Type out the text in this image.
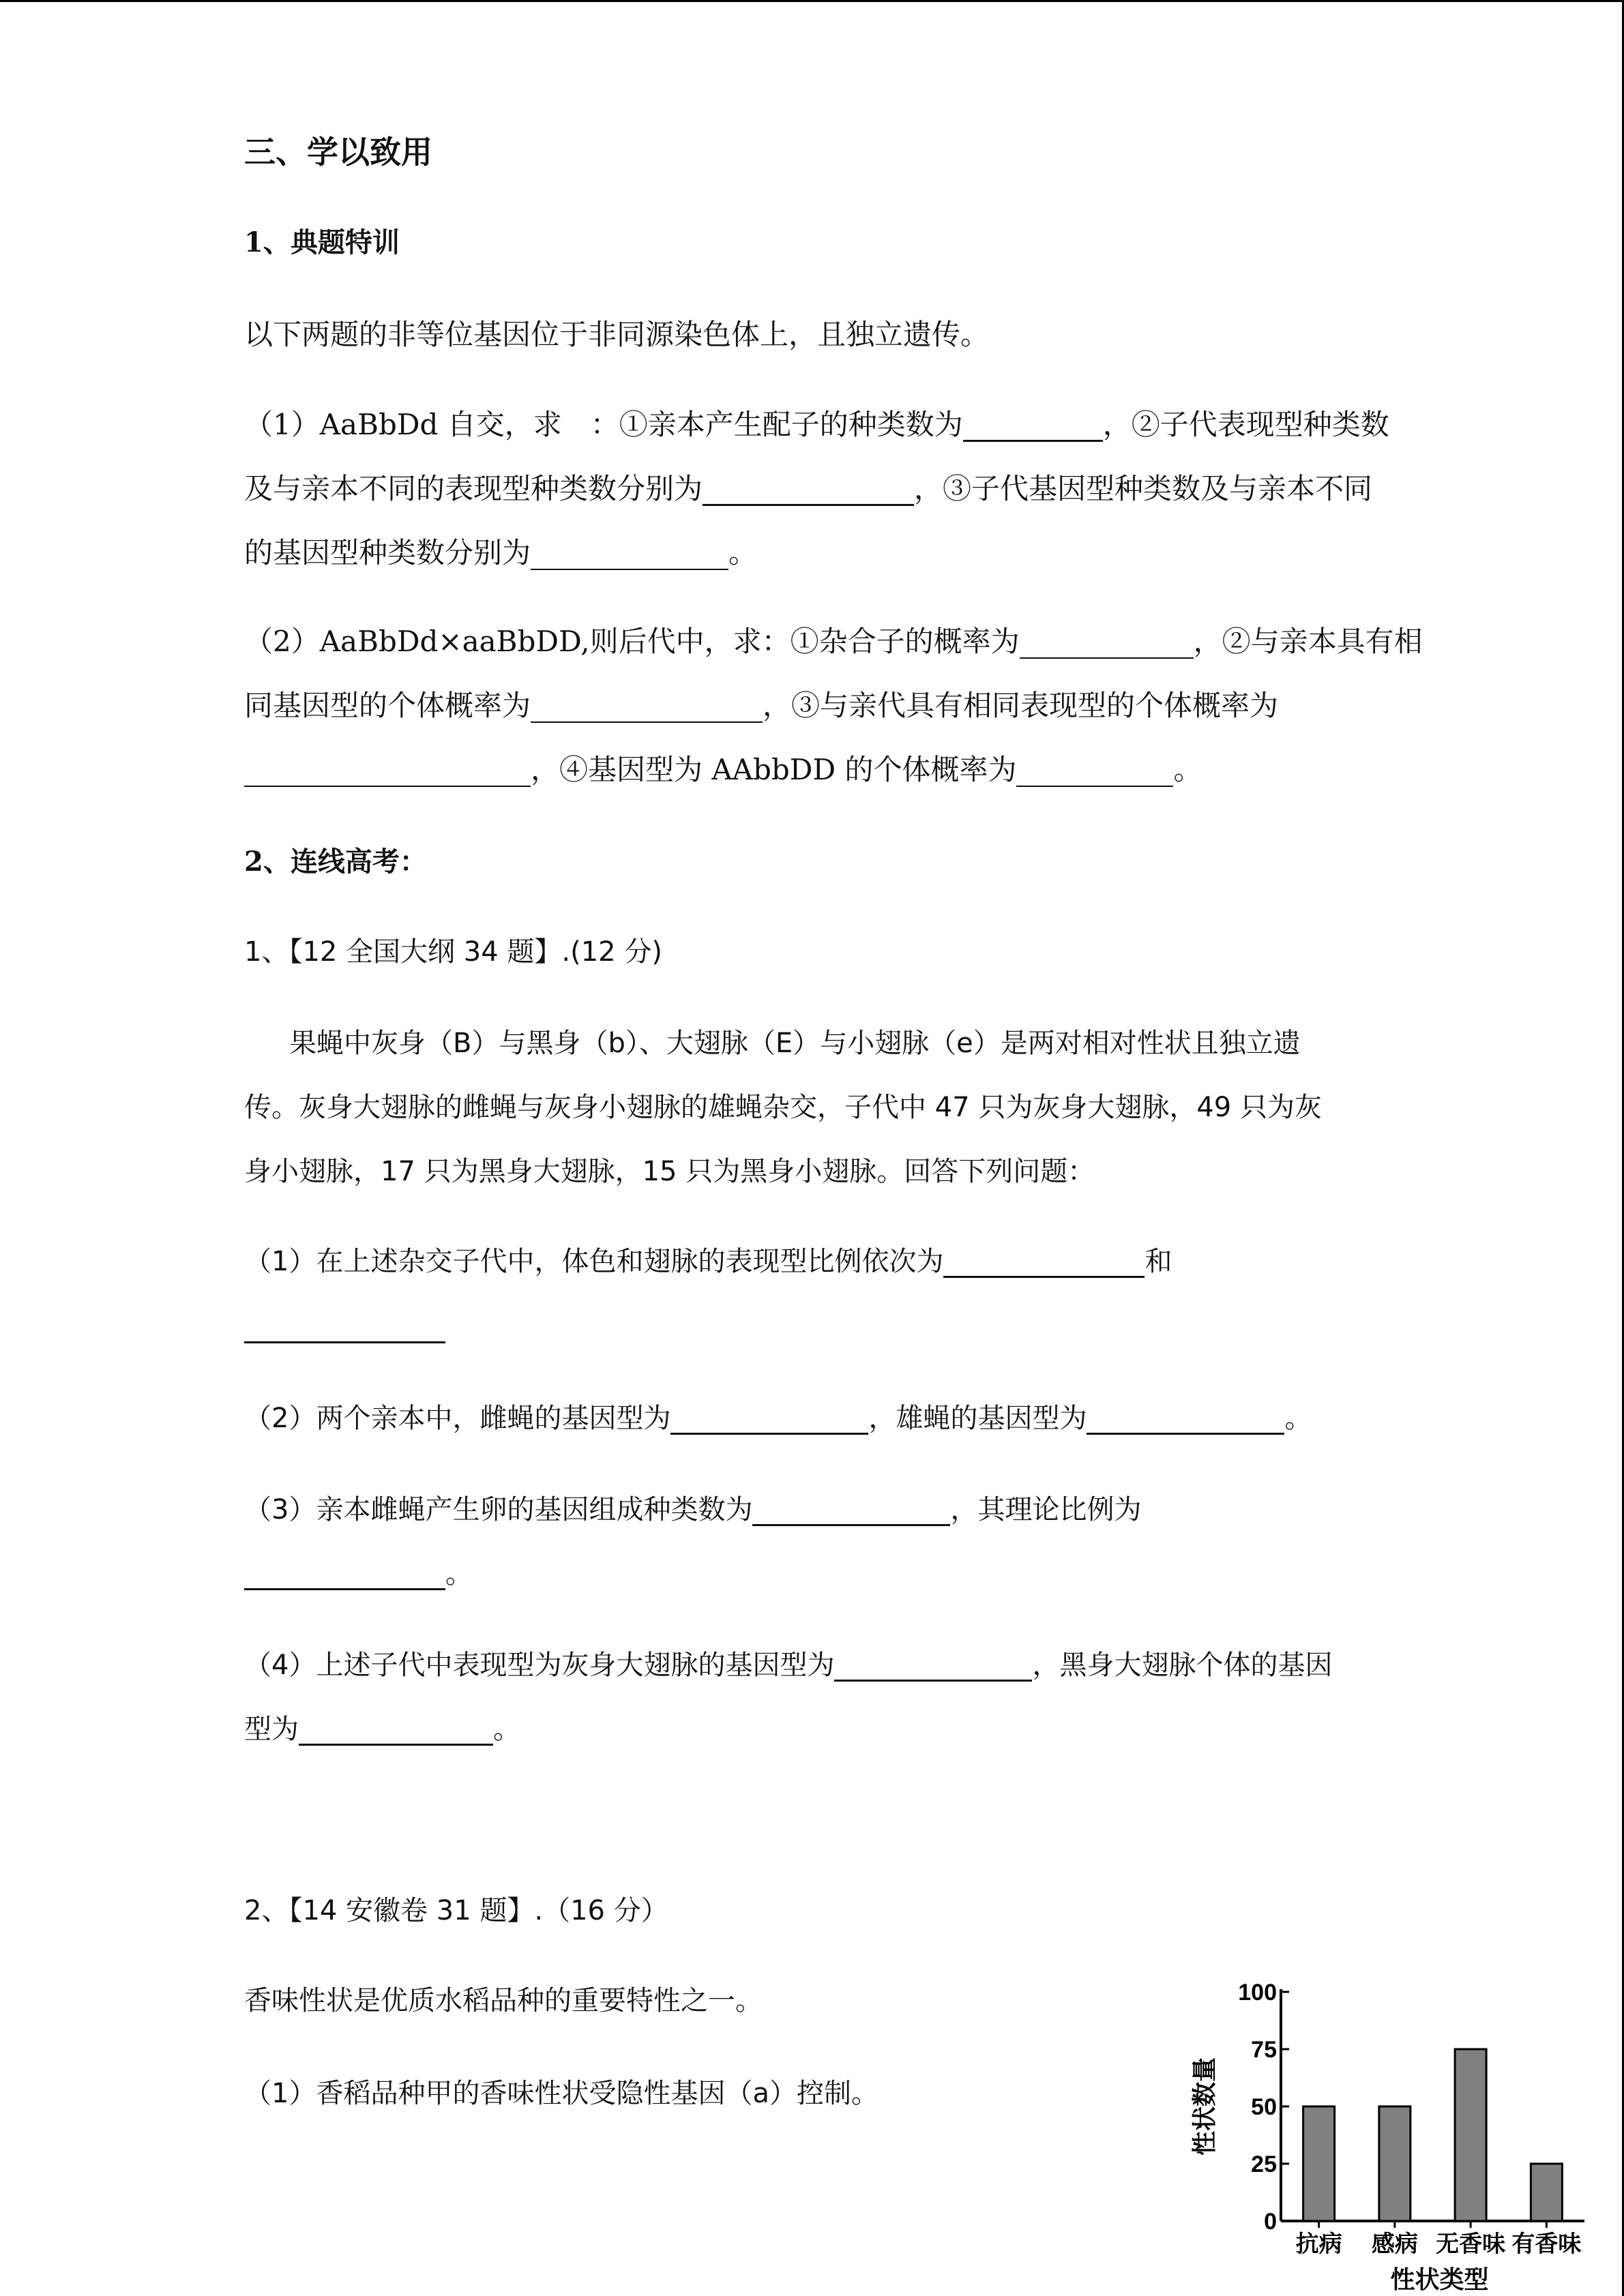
三、学以致用
1、典题特训
以下两题的非等位基因位于非同源染色体上，且独立遗传。
（1）AaBbDd 自交，求　：①亲本产生配子的种类数为	，②子代表现型种类数
及与亲本不同的表现型种类数分别为	，③子代基因型种类数及与亲本不同
的基因型种类数分别为	。
（2）AaBbDd×aaBbDD,则后代中，求：①杂合子的概率为	，②与亲本具有相
同基因型的个体概率为	，③与亲代具有相同表现型的个体概率为
，④基因型为 AAbbDD 的个体概率为	。
2、连线高考：
1、【12 全国大纲 34 题】.(12 分)
果蝇中灰身（B）与黑身（b）、大翅脉（E）与小翅脉（e）是两对相对性状且独立遗
传。灰身大翅脉的雌蝇与灰身小翅脉的雄蝇杂交，子代中 47 只为灰身大翅脉，49 只为灰
身小翅脉，17 只为黑身大翅脉，15 只为黑身小翅脉。回答下列问题：
（1）在上述杂交子代中，体色和翅脉的表现型比例依次为	和
（2）两个亲本中，雌蝇的基因型为	，雄蝇的基因型为	。
（3）亲本雌蝇产生卵的基因组成种类数为	，其理论比例为
。
（4）上述子代中表现型为灰身大翅脉的基因型为	，黑身大翅脉个体的基因
型为	。
2、【14 安徽卷 31 题】.（16 分）
香味性状是优质水稻品种的重要特性之一。
（1）香稻品种甲的香味性状受隐性基因（a）控制。
0
25
50
75
100
性状数量
抗病 感病 无香味 有香味
性状类型
